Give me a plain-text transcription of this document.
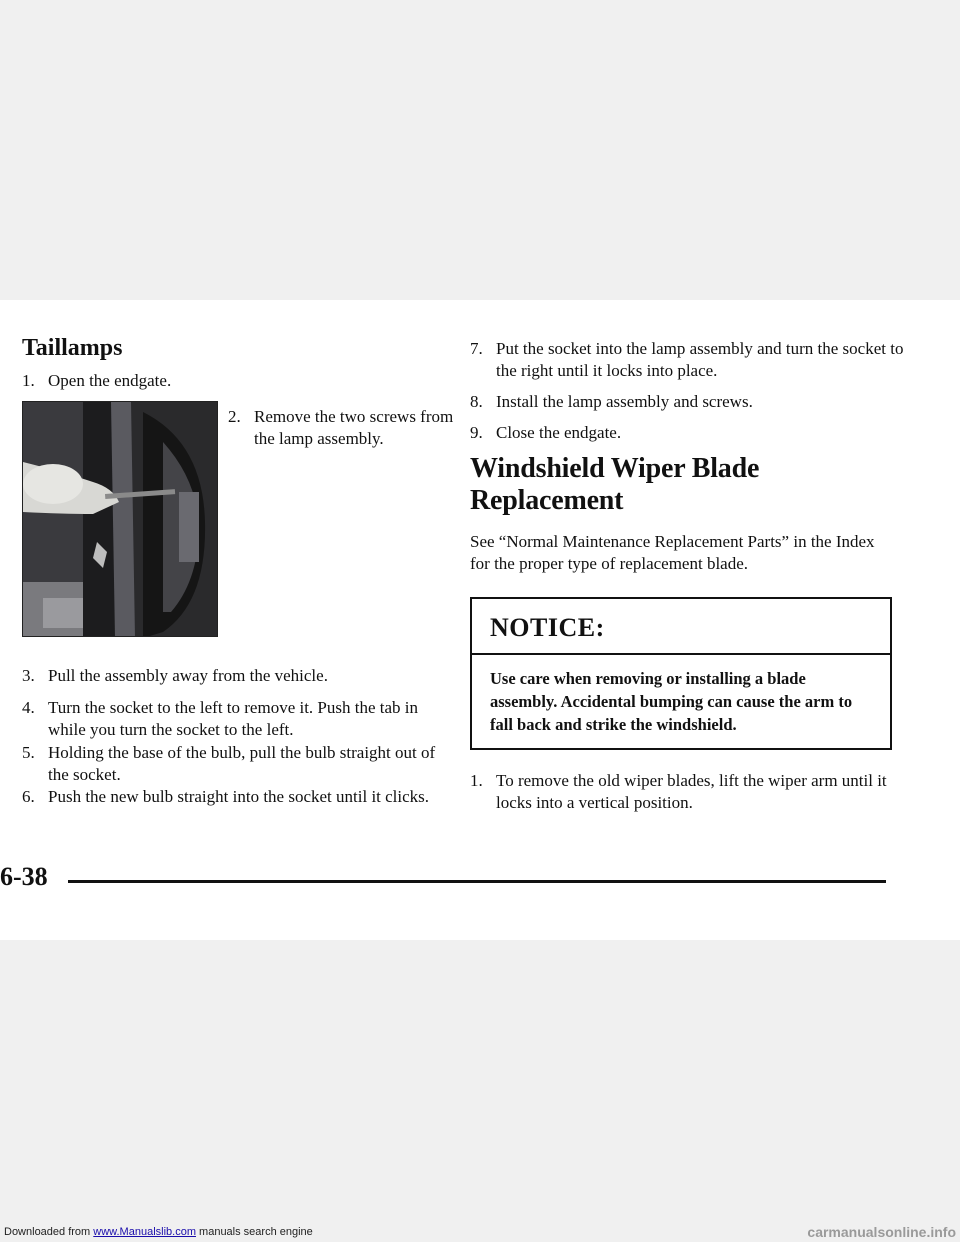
Taillamps
1. Open the endgate.
2. Remove the two screws from the lamp assembly.
3. Pull the assembly away from the vehicle.
4. Turn the socket to the left to remove it. Push the tab in while you turn the socket to the left.
5. Holding the base of the bulb, pull the bulb straight out of the socket.
6. Push the new bulb straight into the socket until it clicks.
7. Put the socket into the lamp assembly and turn the socket to the right until it locks into place.
8. Install the lamp assembly and screws.
9. Close the endgate.
Windshield Wiper Blade Replacement

See “Normal Maintenance Replacement Parts” in the Index for the proper type of replacement blade.

NOTICE:
Use care when removing or installing a blade assembly. Accidental bumping can cause the arm to fall back and strike the windshield.
1. To remove the old wiper blades, lift the wiper arm until it locks into a vertical position.
6-38
Downloaded from www.Manualslib.com manuals search engine	carmanualsonline.info
